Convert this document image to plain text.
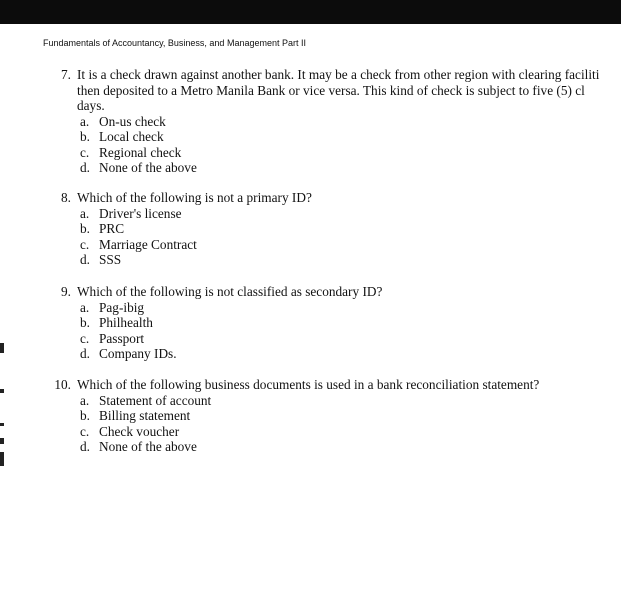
Fundamentals of Accountancy, Business, and Management Part II
7. It is a check drawn against another bank. It may be a check from other region with clearing faciliti
then deposited to a Metro Manila Bank or vice versa. This kind of check is subject to five (5) cl
days.
a. On-us check
b. Local check
c. Regional check
d. None of the above
8. Which of the following is not a primary ID?
a. Driver's license
b. PRC
c. Marriage Contract
d. SSS
9. Which of the following is not classified as secondary ID?
a. Pag-ibig
b. Philhealth
c. Passport
d. Company IDs.
10. Which of the following business documents is used in a bank reconciliation statement?
a. Statement of account
b. Billing statement
c. Check voucher
d. None of the above
